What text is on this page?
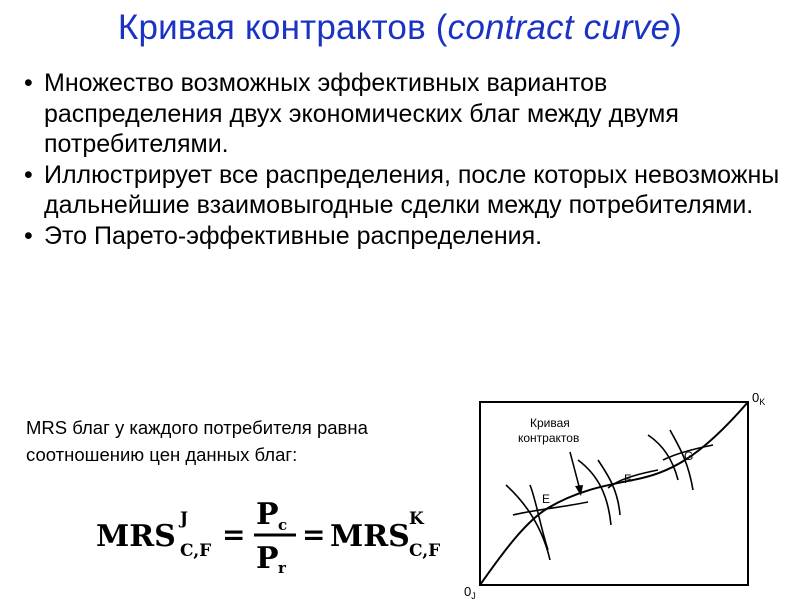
Кривая контрактов (contract curve)
• Множество возможных эффективных вариантов распределения двух экономических благ между двумя потребителями.
• Иллюстрирует все распределения, после которых невозможны дальнейшие взаимовыгодные сделки между потребителями.
• Это Парето-эффективные распределения.
MRS благ у каждого потребителя равна соотношению цен данных благ:
MRS J
C,F =
P c
P r
= MRS K
C,F
Кривая
контрактов
E
F
G
$0_K$
$0_J$
